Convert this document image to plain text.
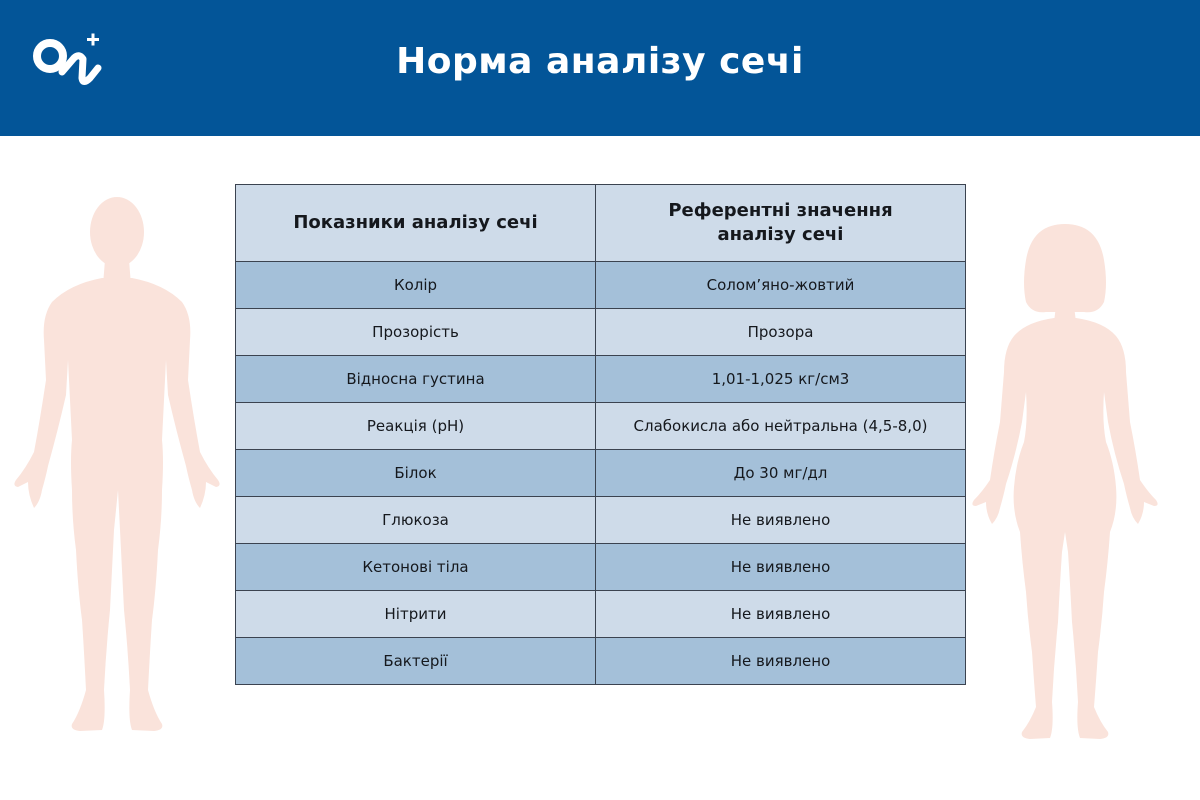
Норма аналізу сечі
Показники аналізу сечі	Референтні значення аналізу сечі
Колір	Солом’яно-жовтий
Прозорість	Прозора
Відносна густина	1,01-1,025 кг/см3
Реакція (pH)	Слабокисла або нейтральна (4,5-8,0)
Білок	До 30 мг/дл
Глюкоза	Не виявлено
Кетонові тіла	Не виявлено
Нітрити	Не виявлено
Бактерії	Не виявлено
